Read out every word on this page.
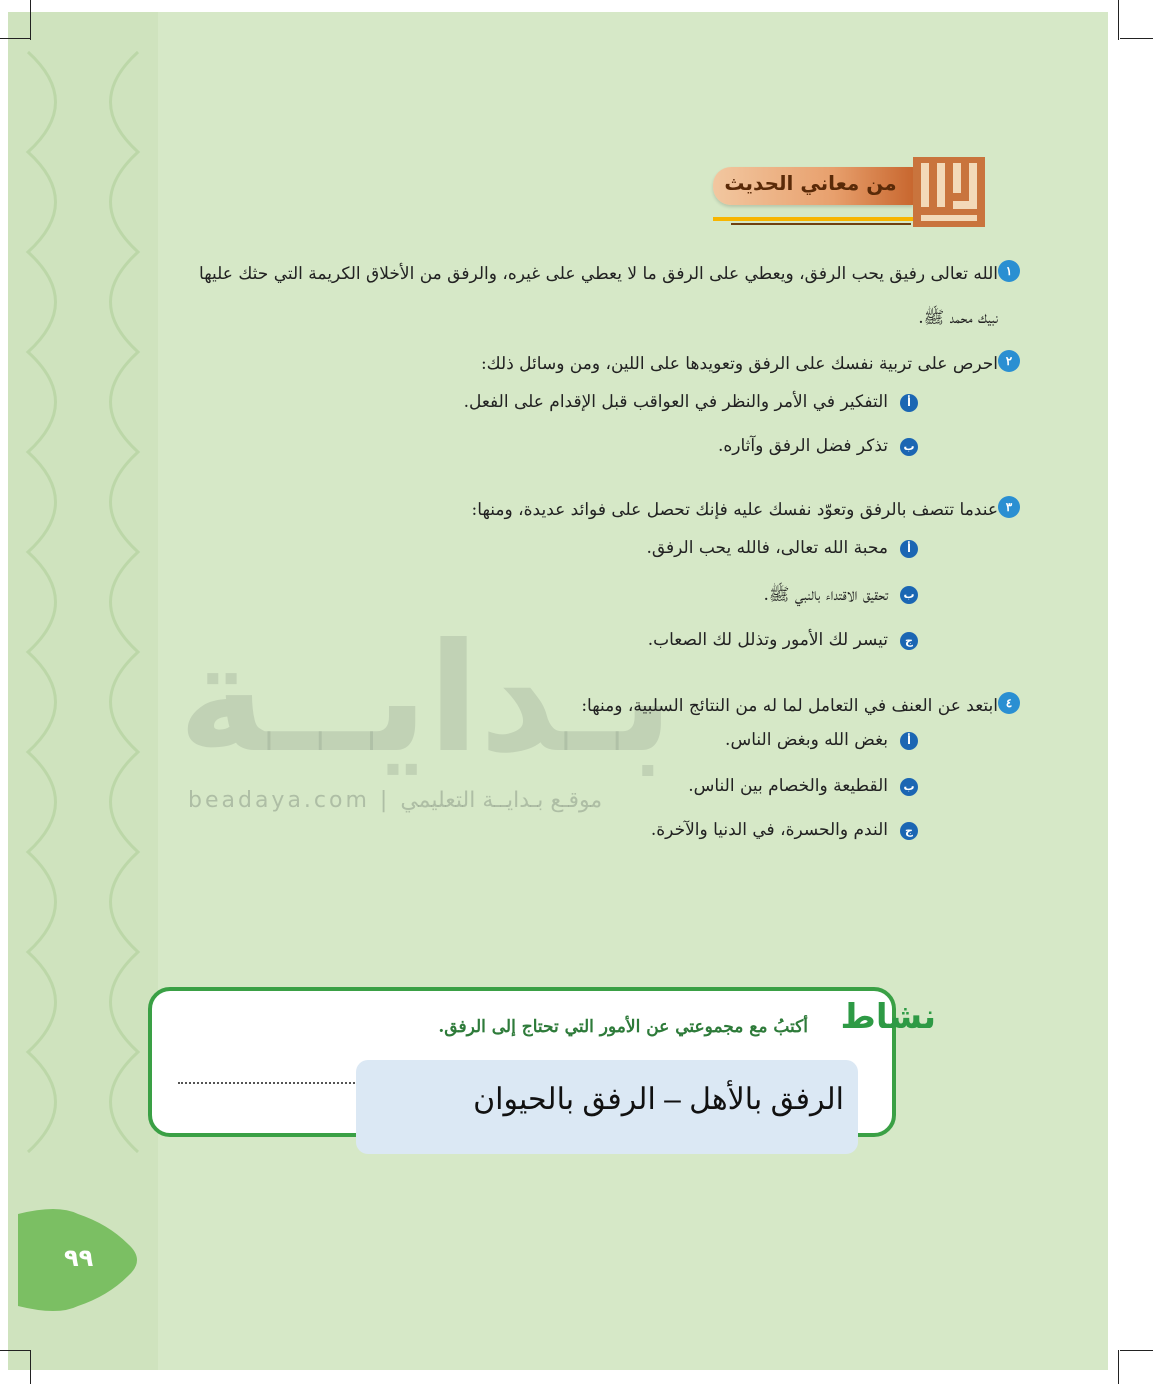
من معاني الحديث
بـدايــة
beadaya.com | موقـع بـدايــة التعليمي
١

الله تعالى رفيق يحب الرفق، ويعطي على الرفق ما لا يعطي على غيره، والرفق من الأخلاق الكريمة التي حثك عليها

نبيك محمد ﷺ.

٢

احرص على تربية نفسك على الرفق وتعويدها على اللين، ومن وسائل ذلك:

أ
التفكير في الأمر والنظر في العواقب قبل الإقدام على الفعل.
ب
تذكر فضل الرفق وآثاره.
٣

عندما تتصف بالرفق وتعوّد نفسك عليه فإنك تحصل على فوائد عديدة، ومنها:

أ
محبة الله تعالى، فالله يحب الرفق.
ب
تحقيق الاقتداء بالنبي ﷺ.
ج
تيسر لك الأمور وتذلل لك الصعاب.
٤

ابتعد عن العنف في التعامل لما له من النتائج السلبية، ومنها:

أ
بغض الله وبغض الناس.
ب
القطيعة والخصام بين الناس.
ج
الندم والحسرة، في الدنيا والآخرة.
نشاط
أكتبُ مع مجموعتي عن الأمور التي تحتاج إلى الرفق.
الرفق بالأهل – الرفق بالحيوان
٩٩
